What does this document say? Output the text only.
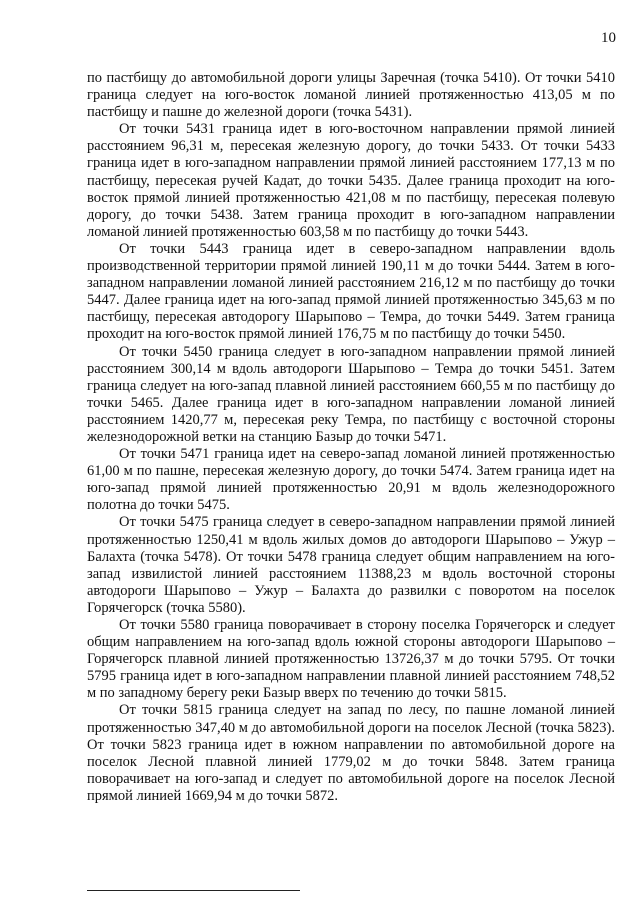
10

по пастбищу до автомобильной дороги улицы Заречная (точка 5410). От точки 5410 граница следует на юго-восток ломаной линией протяженностью 413,05 м по пастбищу и пашне до железной дороги (точка 5431).

От точки 5431 граница идет в юго-восточном направлении прямой линией расстоянием 96,31 м, пересекая железную дорогу, до точки 5433. От точки 5433 граница идет в юго-западном направлении прямой линией расстоянием 177,13 м по пастбищу, пересекая ручей Кадат, до точки 5435. Далее граница проходит на юго-восток прямой линией протяженностью 421,08 м по пастбищу, пересекая полевую дорогу, до точки 5438. Затем граница проходит в юго-западном направлении ломаной линией протяженностью 603,58 м по пастбищу до точки 5443.

От точки 5443 граница идет в северо-западном направлении вдоль производственной территории прямой линией 190,11 м до точки 5444. Затем в юго-западном направлении ломаной линией расстоянием 216,12 м по пастбищу до точки 5447. Далее граница идет на юго-запад прямой линией протяженностью 345,63 м по пастбищу, пересекая автодорогу Шарыпово – Темра, до точки 5449. Затем граница проходит на юго-восток прямой линией 176,75 м по пастбищу до точки 5450.

От точки 5450 граница следует в юго-западном направлении прямой линией расстоянием 300,14 м вдоль автодороги Шарыпово – Темра до точки 5451. Затем граница следует на юго-запад плавной линией расстоянием 660,55 м по пастбищу до точки 5465. Далее граница идет в юго-западном направлении ломаной линией расстоянием 1420,77 м, пересекая реку Темра, по пастбищу с восточной стороны железнодорожной ветки на станцию Базыр до точки 5471.

От точки 5471 граница идет на северо-запад ломаной линией протяженностью 61,00 м по пашне, пересекая железную дорогу, до точки 5474. Затем граница идет на юго-запад прямой линией протяженностью 20,91 м вдоль железнодорожного полотна до точки 5475.

От точки 5475 граница следует в северо-западном направлении прямой линией протяженностью 1250,41 м вдоль жилых домов до автодороги Шарыпово – Ужур – Балахта (точка 5478). От точки 5478 граница следует общим направлением на юго-запад извилистой линией расстоянием 11388,23 м вдоль восточной стороны автодороги Шарыпово – Ужур – Балахта до развилки с поворотом на поселок Горячегорск (точка 5580).

От точки 5580 граница поворачивает в сторону поселка Горячегорск и следует общим направлением на юго-запад вдоль южной стороны автодороги Шарыпово – Горячегорск плавной линией протяженностью 13726,37 м до точки 5795. От точки 5795 граница идет в юго-западном направлении плавной линией расстоянием 748,52 м по западному берегу реки Базыр вверх по течению до точки 5815.

От точки 5815 граница следует на запад по лесу, по пашне ломаной линией протяженностью 347,40 м до автомобильной дороги на поселок Лесной (точка 5823). От точки 5823 граница идет в южном направлении по автомобильной дороге на поселок Лесной плавной линией 1779,02 м до точки 5848. Затем граница поворачивает на юго-запад и следует по автомобильной дороге на поселок Лесной прямой линией 1669,94 м до точки 5872.
